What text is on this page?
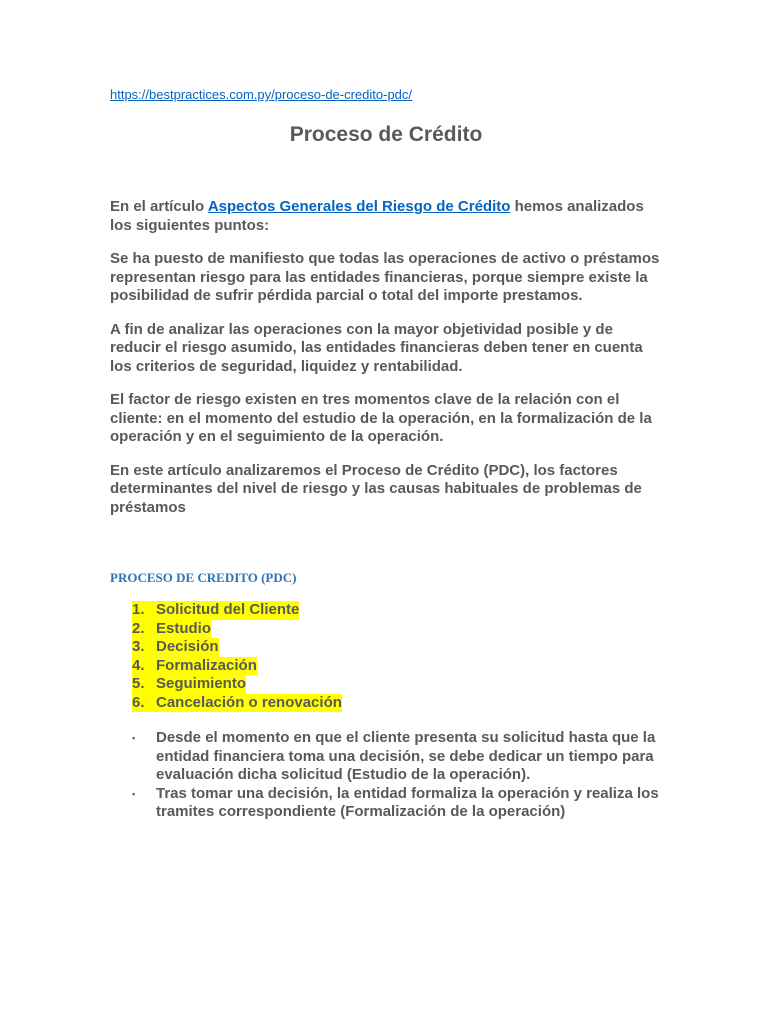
https://bestpractices.com.py/proceso-de-credito-pdc/
Proceso de Crédito

En el artículo Aspectos Generales del Riesgo de Crédito hemos analizados los siguientes puntos:

Se ha puesto de manifiesto que todas las operaciones de activo o préstamos representan riesgo para las entidades financieras, porque siempre existe la posibilidad de sufrir pérdida parcial o total del importe prestamos.

A fin de analizar las operaciones con la mayor objetividad posible y de reducir el riesgo asumido, las entidades financieras deben tener en cuenta los criterios de seguridad, liquidez y rentabilidad.

El factor de riesgo existen en tres momentos clave de la relación con el cliente: en el momento del estudio de la operación, en la formalización de la operación y en el seguimiento de la operación.

En este artículo analizaremos el Proceso de Crédito (PDC), los factores determinantes del nivel de riesgo y las causas habituales de problemas de préstamos

PROCESO DE CREDITO (PDC)
1. Solicitud del Cliente
2. Estudio
3. Decisión
4. Formalización
5. Seguimiento
6. Cancelación o renovación
▪	Desde el momento en que el cliente presenta su solicitud hasta que la entidad financiera toma una decisión, se debe dedicar un tiempo para evaluación dicha solicitud (Estudio de la operación).
▪	Tras tomar una decisión, la entidad formaliza la operación y realiza los tramites correspondiente (Formalización de la operación)
